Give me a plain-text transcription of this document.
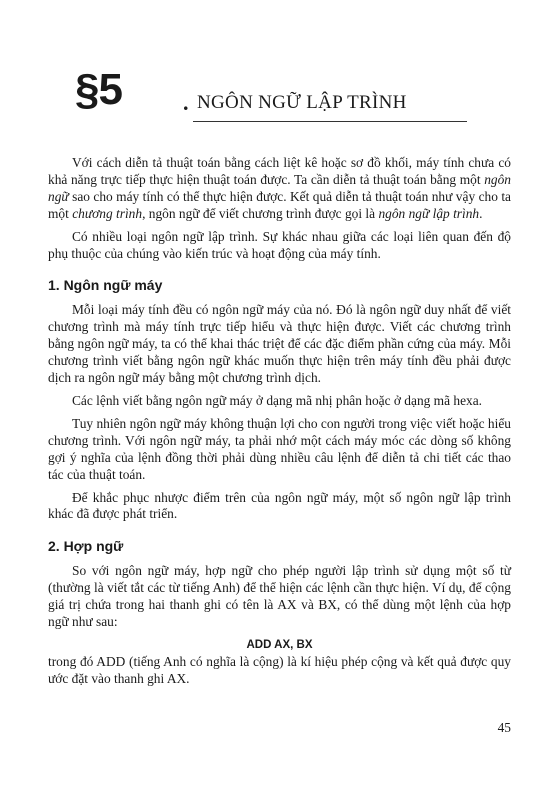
§5	. NGÔN NGỮ LẬP TRÌNH

Với cách diễn tả thuật toán bằng cách liệt kê hoặc sơ đồ khối, máy tính chưa có khả năng trực tiếp thực hiện thuật toán được. Ta cần diễn tả thuật toán bằng một ngôn ngữ sao cho máy tính có thể thực hiện được. Kết quả diễn tả thuật toán như vậy cho ta một chương trình, ngôn ngữ để viết chương trình được gọi là ngôn ngữ lập trình.

Có nhiều loại ngôn ngữ lập trình. Sự khác nhau giữa các loại liên quan đến độ phụ thuộc của chúng vào kiến trúc và hoạt động của máy tính.

1. Ngôn ngữ máy

Mỗi loại máy tính đều có ngôn ngữ máy của nó. Đó là ngôn ngữ duy nhất để viết chương trình mà máy tính trực tiếp hiểu và thực hiện được. Viết các chương trình bằng ngôn ngữ máy, ta có thể khai thác triệt để các đặc điểm phần cứng của máy. Mỗi chương trình viết bằng ngôn ngữ khác muốn thực hiện trên máy tính đều phải được dịch ra ngôn ngữ máy bằng một chương trình dịch.

Các lệnh viết bằng ngôn ngữ máy ở dạng mã nhị phân hoặc ở dạng mã hexa.

Tuy nhiên ngôn ngữ máy không thuận lợi cho con người trong việc viết hoặc hiểu chương trình. Với ngôn ngữ máy, ta phải nhớ một cách máy móc các dòng số không gợi ý nghĩa của lệnh đồng thời phải dùng nhiều câu lệnh để diễn tả chi tiết các thao tác của thuật toán.

Để khắc phục nhược điểm trên của ngôn ngữ máy, một số ngôn ngữ lập trình khác đã được phát triển.

2. Hợp ngữ

So với ngôn ngữ máy, hợp ngữ cho phép người lập trình sử dụng một số từ (thường là viết tắt các từ tiếng Anh) để thể hiện các lệnh cần thực hiện. Ví dụ, để cộng giá trị chứa trong hai thanh ghi có tên là AX và BX, có thể dùng một lệnh của hợp ngữ như sau:

ADD AX, BX

trong đó ADD (tiếng Anh có nghĩa là cộng) là kí hiệu phép cộng và kết quả được quy ước đặt vào thanh ghi AX.

45
